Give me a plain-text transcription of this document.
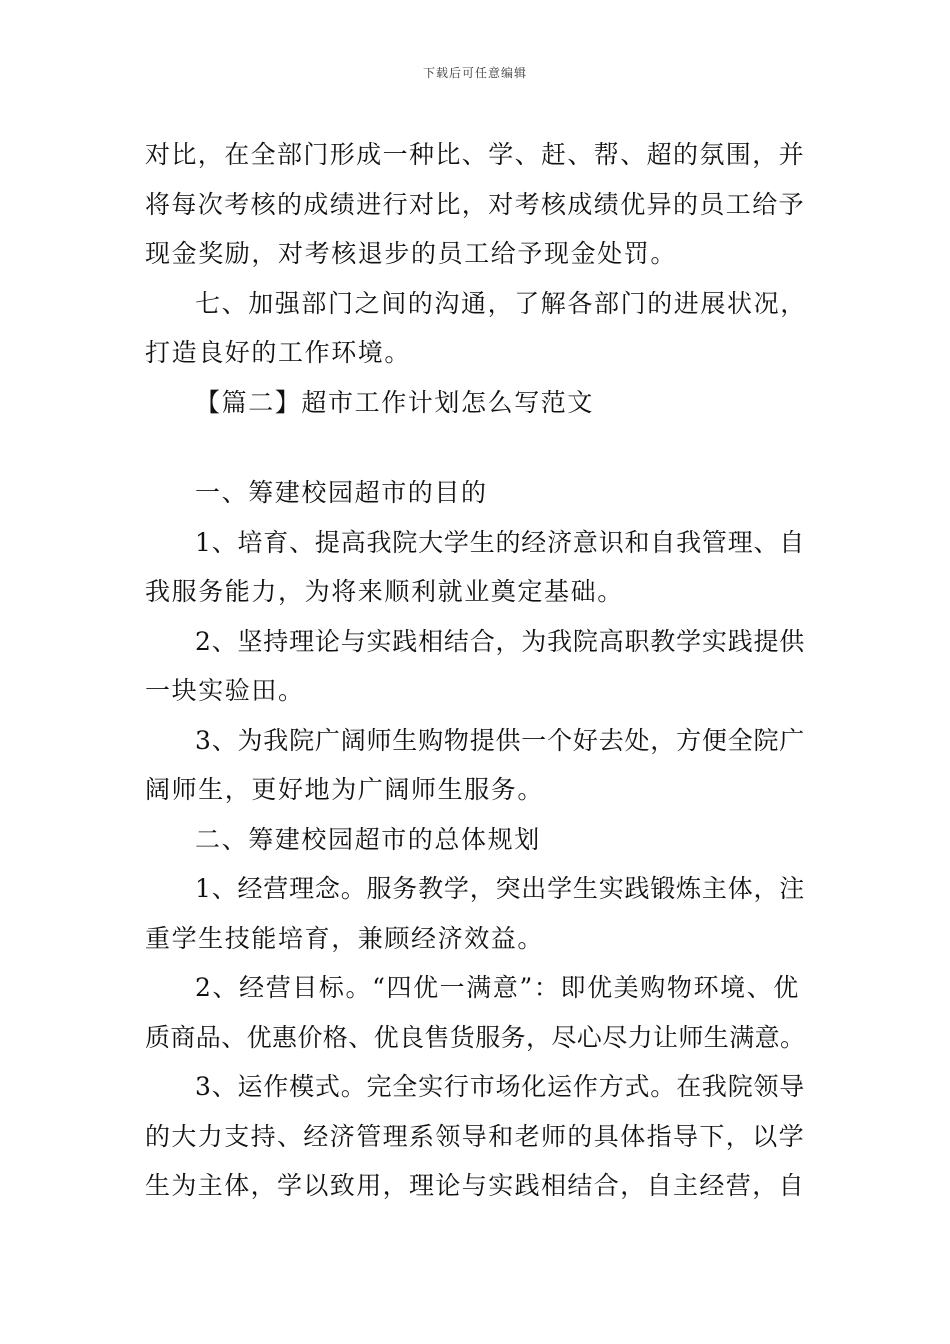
下载后可任意编辑
对比，在全部门形成一种比、学、赶、帮、超的氛围，并
将每次考核的成绩进行对比，对考核成绩优异的员工给予
现金奖励，对考核退步的员工给予现金处罚。
七、加强部门之间的沟通，了解各部门的进展状况，
打造良好的工作环境。
【篇二】超市工作计划怎么写范文
一、筹建校园超市的目的
1、培育、提高我院大学生的经济意识和自我管理、自
我服务能力，为将来顺利就业奠定基础。
2、坚持理论与实践相结合，为我院高职教学实践提供
一块实验田。
3、为我院广阔师生购物提供一个好去处，方便全院广
阔师生，更好地为广阔师生服务。
二、筹建校园超市的总体规划
1、经营理念。服务教学，突出学生实践锻炼主体，注
重学生技能培育，兼顾经济效益。
2、经营目标。“四优一满意”：即优美购物环境、优
质商品、优惠价格、优良售货服务，尽心尽力让师生满意。
3、运作模式。完全实行市场化运作方式。在我院领导
的大力支持、经济管理系领导和老师的具体指导下，以学
生为主体，学以致用，理论与实践相结合，自主经营，自
